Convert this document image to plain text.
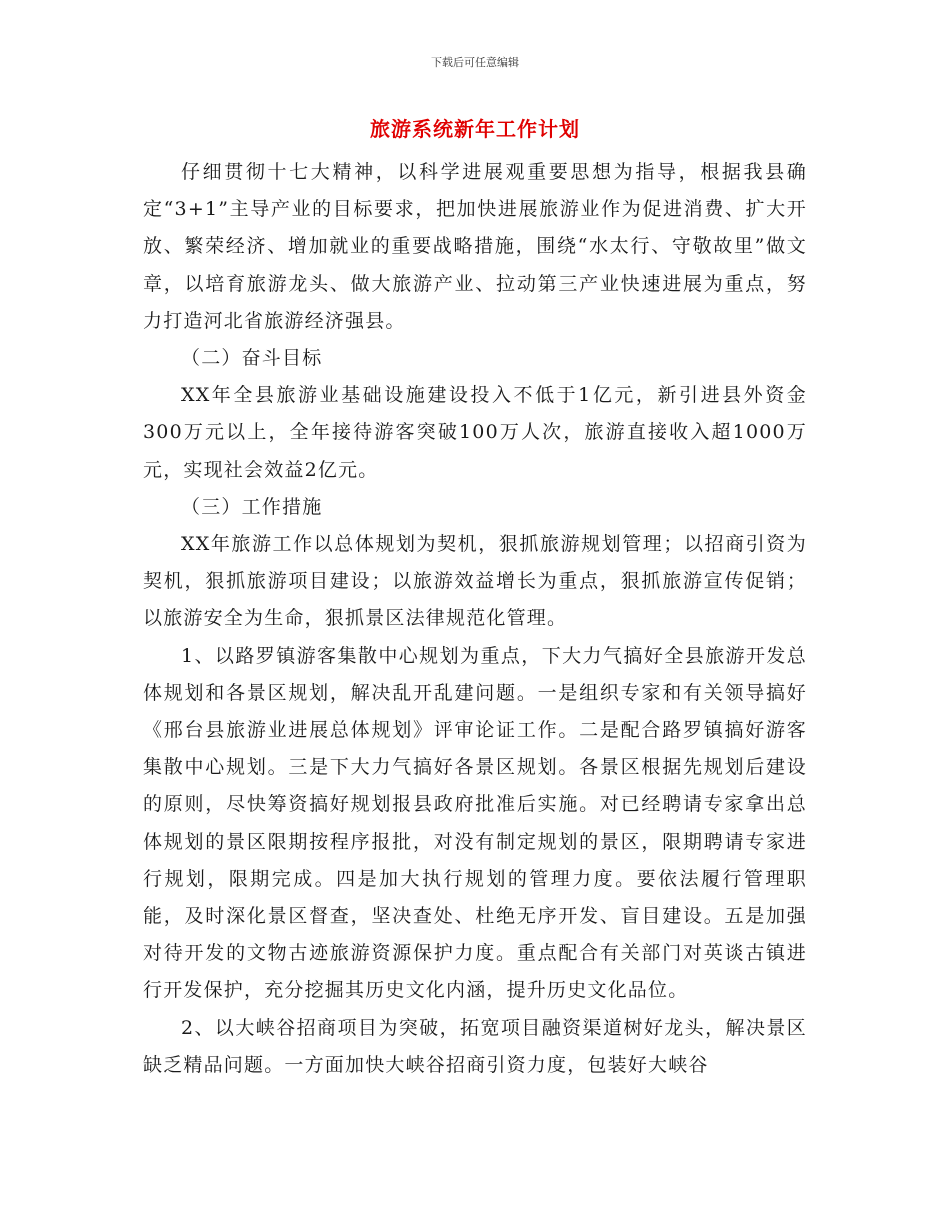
下载后可任意编辑
旅游系统新年工作计划

仔细贯彻十七大精神，以科学进展观重要思想为指导，根据我县确定“3+1”主导产业的目标要求，把加快进展旅游业作为促进消费、扩大开放、繁荣经济、增加就业的重要战略措施，围绕“水太行、守敬故里”做文章，以培育旅游龙头、做大旅游产业、拉动第三产业快速进展为重点，努力打造河北省旅游经济强县。

（二）奋斗目标

XX年全县旅游业基础设施建设投入不低于1亿元，新引进县外资金300万元以上，全年接待游客突破100万人次，旅游直接收入超1000万元，实现社会效益2亿元。

（三）工作措施

XX年旅游工作以总体规划为契机，狠抓旅游规划管理；以招商引资为契机，狠抓旅游项目建设；以旅游效益增长为重点，狠抓旅游宣传促销；以旅游安全为生命，狠抓景区法律规范化管理。

1、以路罗镇游客集散中心规划为重点，下大力气搞好全县旅游开发总体规划和各景区规划，解决乱开乱建问题。一是组织专家和有关领导搞好《邢台县旅游业进展总体规划》评审论证工作。二是配合路罗镇搞好游客集散中心规划。三是下大力气搞好各景区规划。各景区根据先规划后建设的原则，尽快筹资搞好规划报县政府批准后实施。对已经聘请专家拿出总体规划的景区限期按程序报批，对没有制定规划的景区，限期聘请专家进行规划，限期完成。四是加大执行规划的管理力度。要依法履行管理职能，及时深化景区督查，坚决查处、杜绝无序开发、盲目建设。五是加强对待开发的文物古迹旅游资源保护力度。重点配合有关部门对英谈古镇进行开发保护，充分挖掘其历史文化内涵，提升历史文化品位。

2、以大峡谷招商项目为突破，拓宽项目融资渠道树好龙头，解决景区缺乏精品问题。一方面加快大峡谷招商引资力度，包装好大峡谷
